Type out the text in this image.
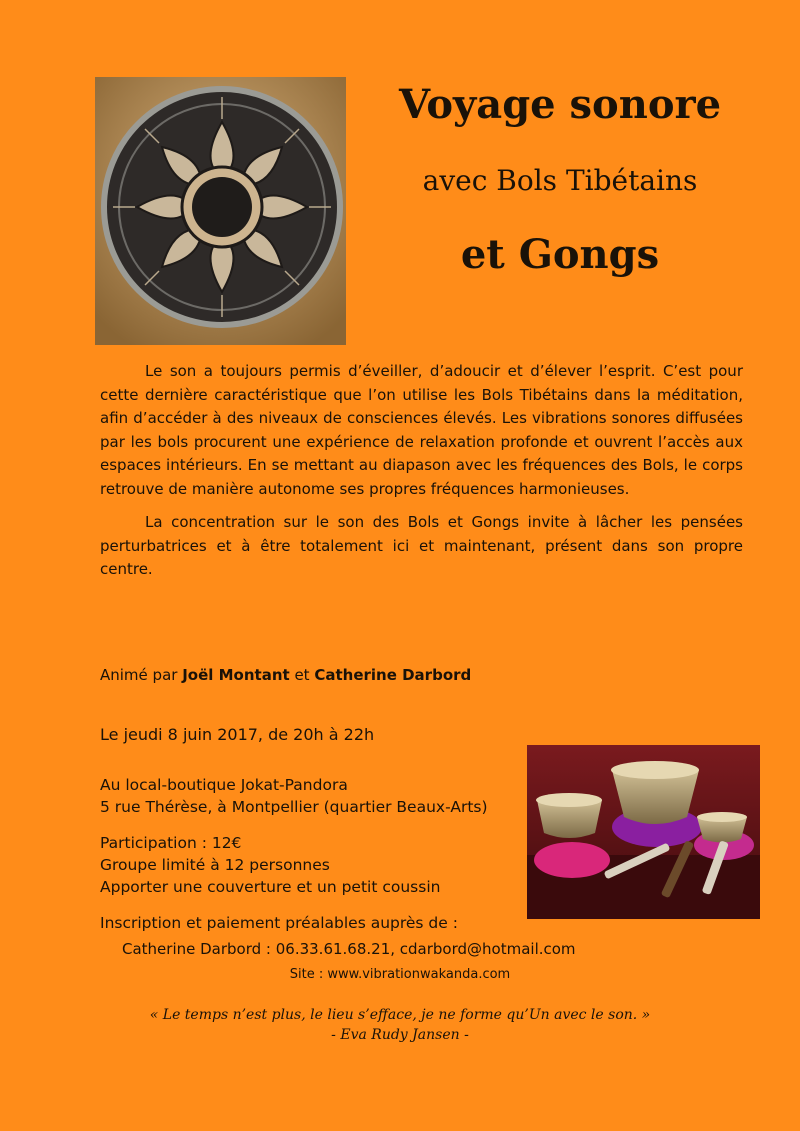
Voyage sonore
avec Bols Tibétains
et Gongs

Le son a toujours permis d’éveiller, d’adoucir et d’élever l’esprit. C’est pour cette dernière caractéristique que l’on utilise les Bols Tibétains dans la méditation, afin d’accéder à des niveaux de consciences élevés. Les vibrations sonores diffusées par les bols procurent une expérience de relaxation profonde et ouvrent l’accès aux espaces intérieurs. En se mettant au diapason avec les fréquences des Bols, le corps retrouve de manière autonome ses propres fréquences harmonieuses.

La concentration sur le son des Bols et Gongs invite à lâcher les pensées perturbatrices et à être totalement ici et maintenant, présent dans son propre centre.

Animé par Joël Montant et Catherine Darbord
Le jeudi 8 juin 2017, de 20h à 22h
Au local-boutique Jokat-Pandora
5 rue Thérèse, à Montpellier (quartier Beaux-Arts)
Participation : 12€
Groupe limité à 12 personnes
Apporter une couverture et un petit coussin
Inscription et paiement préalables auprès de :
Catherine Darbord : 06.33.61.68.21, cdarbord@hotmail.com
Site : www.vibrationwakanda.com
« Le temps n’est plus, le lieu s’efface, je ne forme qu’Un avec le son. »
- Eva Rudy Jansen -
